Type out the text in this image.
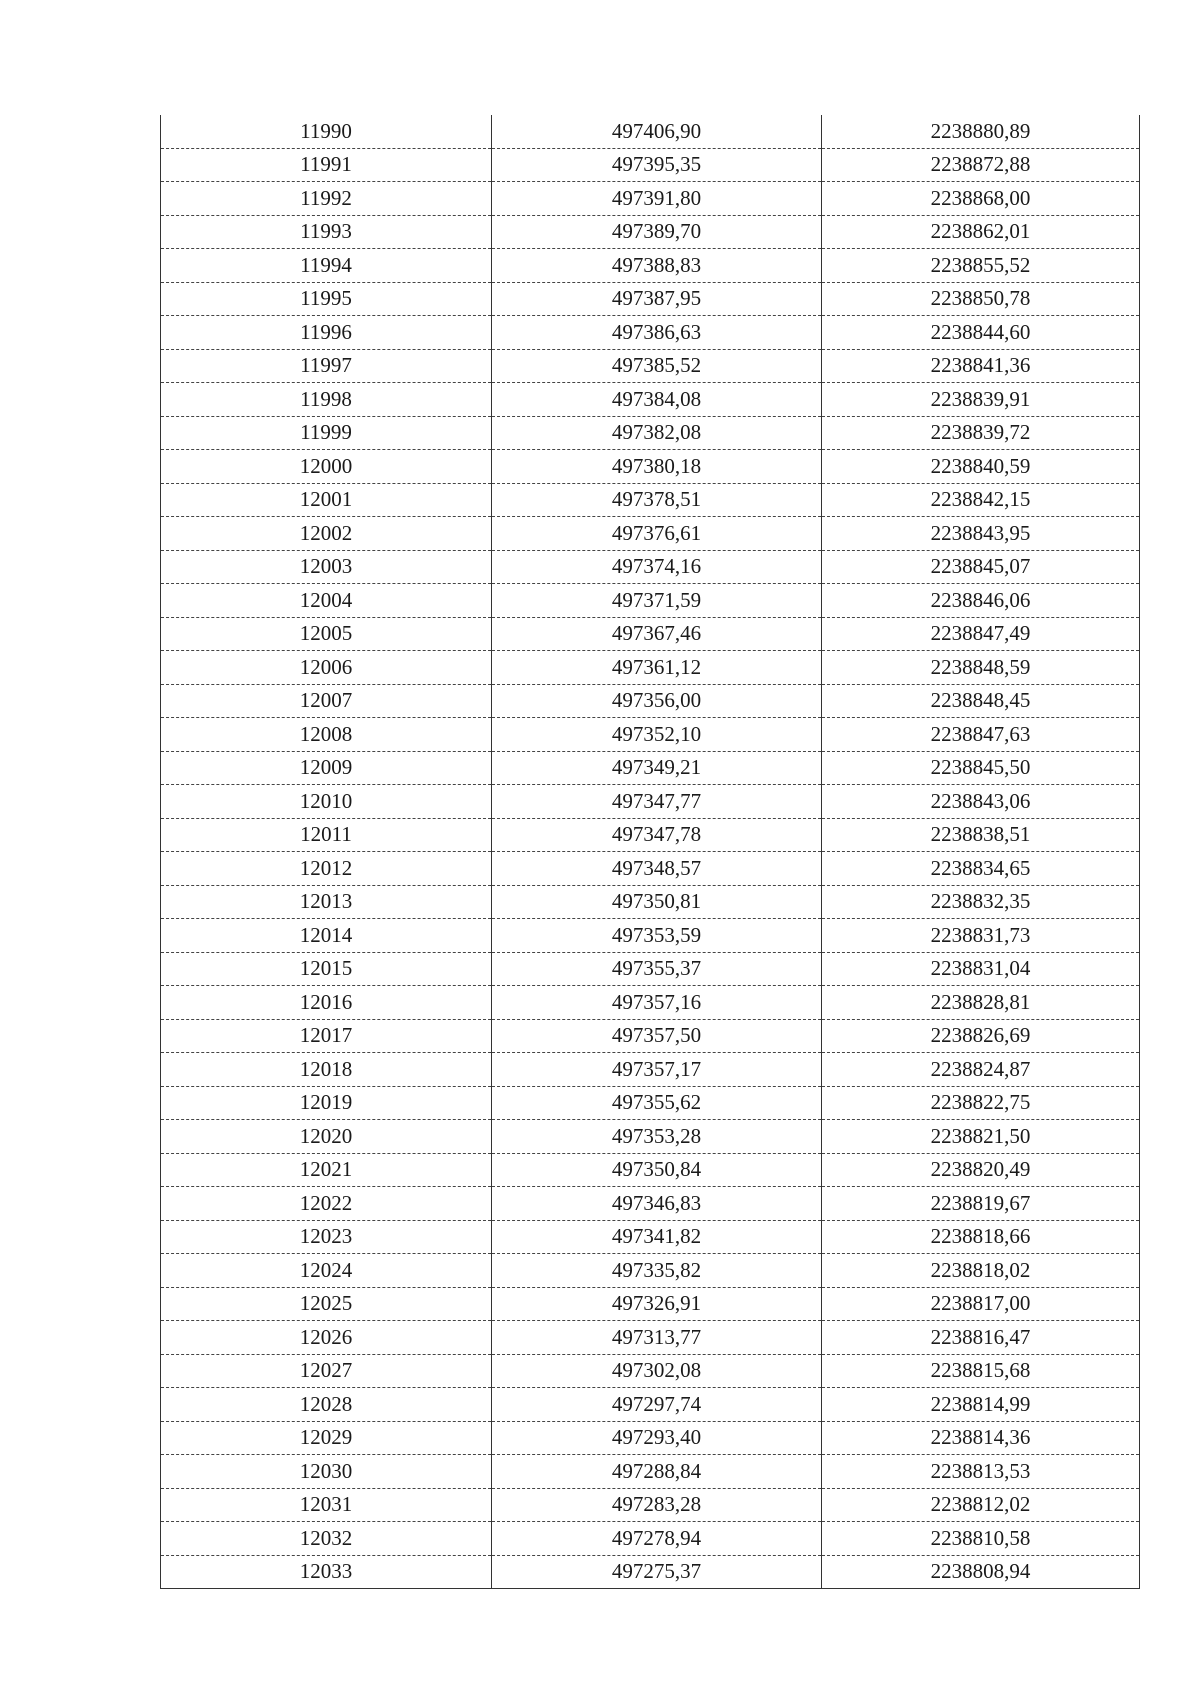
11990	497406,90	2238880,89
11991	497395,35	2238872,88
11992	497391,80	2238868,00
11993	497389,70	2238862,01
11994	497388,83	2238855,52
11995	497387,95	2238850,78
11996	497386,63	2238844,60
11997	497385,52	2238841,36
11998	497384,08	2238839,91
11999	497382,08	2238839,72
12000	497380,18	2238840,59
12001	497378,51	2238842,15
12002	497376,61	2238843,95
12003	497374,16	2238845,07
12004	497371,59	2238846,06
12005	497367,46	2238847,49
12006	497361,12	2238848,59
12007	497356,00	2238848,45
12008	497352,10	2238847,63
12009	497349,21	2238845,50
12010	497347,77	2238843,06
12011	497347,78	2238838,51
12012	497348,57	2238834,65
12013	497350,81	2238832,35
12014	497353,59	2238831,73
12015	497355,37	2238831,04
12016	497357,16	2238828,81
12017	497357,50	2238826,69
12018	497357,17	2238824,87
12019	497355,62	2238822,75
12020	497353,28	2238821,50
12021	497350,84	2238820,49
12022	497346,83	2238819,67
12023	497341,82	2238818,66
12024	497335,82	2238818,02
12025	497326,91	2238817,00
12026	497313,77	2238816,47
12027	497302,08	2238815,68
12028	497297,74	2238814,99
12029	497293,40	2238814,36
12030	497288,84	2238813,53
12031	497283,28	2238812,02
12032	497278,94	2238810,58
12033	497275,37	2238808,94
